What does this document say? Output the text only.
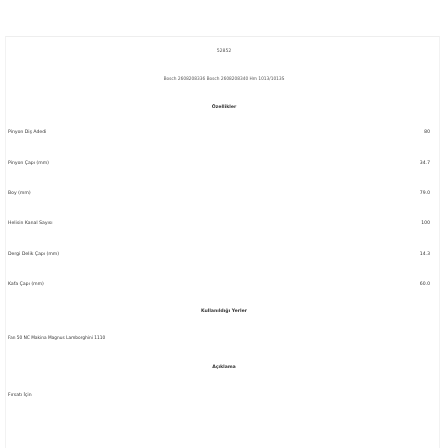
52852
Bosch 2608208336 Bosch 2608208340 Hm 1013/1013S
Özellikler
Pinyon Diş Adedi	80
Pinyon Çapı (mm)	34.7
Boy (mm)	79.0
Helisin Kanal Sayısı	100
Dergi Delik Çapı (mm)	14.3
Kafa Çapı (mm)	60.0
Kullanıldığı Yerler
Fan 50 NC Makina Magnus Lamborghini 1110
Açıklama
Fırsatı İçin
